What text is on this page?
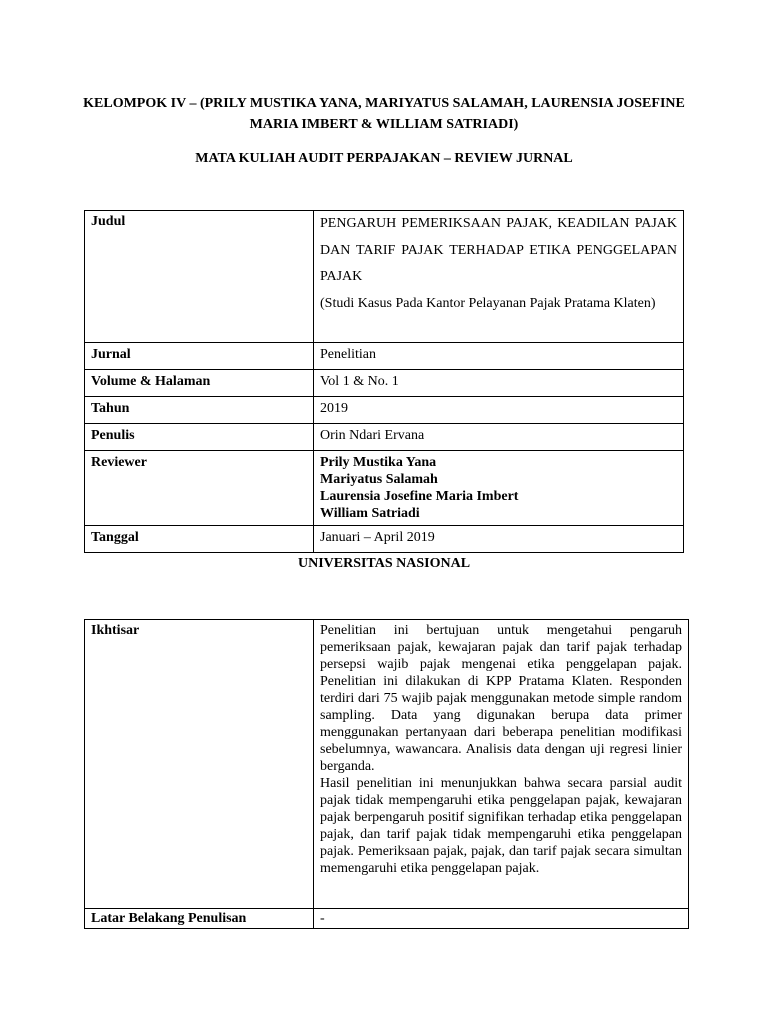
KELOMPOK IV – (PRILY MUSTIKA YANA, MARIYATUS SALAMAH, LAURENSIA JOSEFINE MARIA IMBERT & WILLIAM SATRIADI)
MATA KULIAH AUDIT PERPAJAKAN – REVIEW JURNAL
Judul	PENGARUH PEMERIKSAAN PAJAK, KEADILAN PAJAK DAN TARIF PAJAK TERHADAP ETIKA PENGGELAPAN PAJAK
(Studi Kasus Pada Kantor Pelayanan Pajak Pratama Klaten)

Jurnal	Penelitian
Volume & Halaman	Vol 1 & No. 1
Tahun	2019
Penulis	Orin Ndari Ervana
Reviewer	Prily Mustika Yana
Mariyatus Salamah
Laurensia Josefine Maria Imbert
William Satriadi

Tanggal	Januari – April 2019
UNIVERSITAS NASIONAL
Ikhtisar	Penelitian ini bertujuan untuk mengetahui pengaruh pemeriksaan pajak, kewajaran pajak dan tarif pajak terhadap persepsi wajib pajak mengenai etika penggelapan pajak. Penelitian ini dilakukan di KPP Pratama Klaten. Responden terdiri dari 75 wajib pajak menggunakan metode simple random sampling. Data yang digunakan berupa data primer menggunakan pertanyaan dari beberapa penelitian modifikasi sebelumnya, wawancara. Analisis data dengan uji regresi linier berganda.
Hasil penelitian ini menunjukkan bahwa secara parsial audit pajak tidak mempengaruhi etika penggelapan pajak, kewajaran pajak berpengaruh positif signifikan terhadap etika penggelapan pajak, dan tarif pajak tidak mempengaruhi etika penggelapan pajak. Pemeriksaan pajak, pajak, dan tarif pajak secara simultan memengaruhi etika penggelapan pajak.

Latar Belakang Penulisan	-
